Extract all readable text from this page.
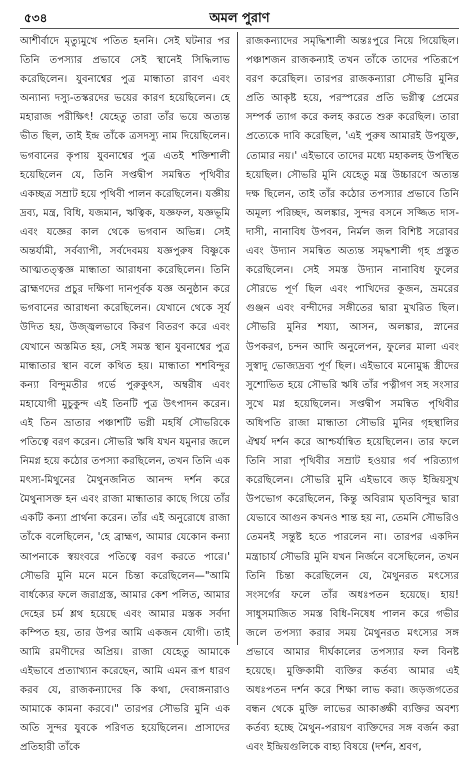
৫৩৪	অমল পুরাণ

আশীর্বাদে মৃত্যুমুখে পতিত হননি। সেই ঘটনার পর তিনি তপস্যার প্রভাবে সেই স্থানেই সিদ্ধিলাভ করেছিলেন। যুবনাশ্বের পুত্র মান্ধাতা রাবণ এবং অন্যান্য দস্যু-তস্করদের ভয়ের কারণ হয়েছিলেন। হে মহারাজ পরীক্ষিৎ! যেহেতু তারা তাঁর ভয়ে অত্যন্ত ভীত ছিল, তাই ইন্দ্র তাঁকে ত্রসদস্যু নাম দিয়েছিলেন। ভগবানের কৃপায় যুবনাশ্বের পুত্র এতই শক্তিশালী হয়েছিলেন যে, তিনি সপ্তদ্বীপ সমন্বিত পৃথিবীর একচ্ছত্র সম্রাট হয়ে পৃথিবী পালন করেছিলেন। যজ্ঞীয় দ্রব্য, মন্ত্র, বিধি, যজমান, ঋত্বিক, যজ্ঞফল, যজ্ঞভূমি এবং যজ্ঞের কাল থেকে ভগবান অভিন্ন। সেই অন্তর্যামী, সর্বব্যাপী, সর্বদেবময় যজ্ঞপুরুষ বিষ্ণুকে আত্মতত্ত্বজ্ঞ মান্ধাতা আরাধনা করেছিলেন। তিনি ব্রাহ্মণদের প্রচুর দক্ষিণা দানপূর্বক যজ্ঞ অনুষ্ঠান করে ভগবানের আরাধনা করেছিলেন। যেখানে থেকে সূর্য উদিত হয়, উজ্জ্বলভাবে কিরণ বিতরণ করে এবং যেখানে অস্তমিত হয়, সেই সমস্ত স্থান যুবনাশ্বের পুত্র মান্ধাতার স্থান বলে কথিত হয়। মান্ধাতা শশবিন্দুর কন্যা বিন্দুমতীর গর্ভে পুরুকুৎস, অম্বরীষ এবং মহাযোগী মুচুকুন্দ এই তিনটি পুত্র উৎপাদন করেন। এই তিন ভ্রাতার পঞ্চাশটি ভগ্নী মহর্ষি সৌভরিকে পতিত্বে বরণ করেন। সৌভরি ঋষি যখন যমুনার জলে নিমগ্ন হয়ে কঠোর তপস্যা করছিলেন, তখন তিনি এক মৎস্য-মিথুনের মৈথুনজনিত আনন্দ দর্শন করে মৈথুনাসক্ত হন এবং রাজা মান্ধাতার কাছে গিয়ে তাঁর একটি কন্যা প্রার্থনা করেন। তাঁর এই অনুরোধে রাজা তাঁকে বলেছিলেন, 'হে ব্রাহ্মণ, আমার যেকোন কন্যা আপনাকে স্বয়ংবরে পতিত্বে বরণ করতে পারে।' সৌভরি মুনি মনে মনে চিন্তা করেছিলেন—"আমি বার্ধক্যের ফলে জরাগ্রস্ত, আমার কেশ পলিত, আমার দেহের চর্ম শ্লথ হয়েছে এবং আমার মস্তক সর্বদা কম্পিত হয়, তার উপর আমি একজন যোগী। তাই আমি রমণীদের অপ্রিয়। রাজা যেহেতু আমাকে এইভাবে প্রত্যাখ্যান করেছেন, আমি এমন রূপ ধারণ করব যে, রাজকন্যাদের কি কথা, দেবাঙ্গনারাও আমাকে কামনা করবে।" তারপর সৌভরি মুনি এক অতি সুন্দর যুবকে পরিণত হয়েছিলেন। প্রাসাদের প্রতিহারী তাঁকে

রাজকন্যাদের সমৃদ্ধিশালী অন্তঃপুরে নিয়ে গিয়েছিল। পঞ্চাশজন রাজকন্যাই তখন তাঁকে তাদের পতিরূপে বরণ করেছিল। তারপর রাজকন্যারা সৌভরি মুনির প্রতি আকৃষ্ট হয়ে, পরস্পরের প্রতি ভগ্নীত্ব প্রেমের সম্পর্ক ত্যাগ করে কলহ করতে শুরু করেছিল। তারা প্রত্যেকে দাবি করেছিল, 'এই পুরুষ আমারই উপযুক্ত, তোমার নয়।' এইভাবে তাদের মধ্যে মহাকলহ উপস্থিত হয়েছিল। সৌভরি মুনি যেহেতু মন্ত্র উচ্চারণে অত্যন্ত দক্ষ ছিলেন, তাই তাঁর কঠোর তপস্যার প্রভাবে তিনি অমূল্য পরিচ্ছদ, অলঙ্কার, সুন্দর বসনে সজ্জিত দাস-দাসী, নানাবিধ উপবন, নির্মল জল বিশিষ্ট সরোবর এবং উদ্যান সমন্বিত অত্যন্ত সমৃদ্ধশালী গৃহ প্রস্তুত করেছিলেন। সেই সমস্ত উদ্যান নানাবিধ ফুলের সৌরভে পূর্ণ ছিল এবং পাখিদের কূজন, ভ্রমরের গুঞ্জন এবং বন্দীদের সঙ্গীতের দ্বারা মুখরিত ছিল। সৌভরি মুনির শয্যা, আসন, অলঙ্কার, স্নানের উপকরণ, চন্দন আদি অনুলেপন, ফুলের মালা এবং সুস্বাদু ভোজ্যদ্রব্য পূর্ণ ছিল। এইভাবে মনোমুগ্ধ স্ত্রীদের সুশোভিত হয়ে সৌভরি ঋষি তাঁর পত্নীগণ সহ সংসার সুখে মগ্ন হয়েছিলেন। সপ্তদ্বীপ সমন্বিত পৃথিবীর অধিপতি রাজা মান্ধাতা সৌভরি মুনির গৃহস্থালির ঐশ্বর্য দর্শন করে আশ্চর্যান্বিত হয়েছিলেন। তার ফলে তিনি সারা পৃথিবীর সম্রাট হওয়ার গর্ব পরিত্যাগ করেছিলেন। সৌভরি মুনি এইভাবে জড় ইন্দ্রিয়সুখ উপভোগ করেছিলেন, কিন্তু অবিরাম ঘৃতবিন্দুর দ্বারা যেভাবে আগুন কখনও শান্ত হয় না, তেমনি সৌভরিও তেমনই সন্তুষ্ট হতে পারলেন না। তারপর একদিন মন্ত্রাচার্য সৌভরি মুনি যখন নির্জনে বসেছিলেন, তখন তিনি চিন্তা করেছিলেন যে, মৈথুনরত মৎস্যের সংসর্গের ফলে তাঁর অধঃপতন হয়েছে। হায়! সাধুসমাজিত সমস্ত বিধি-নিষেধ পালন করে গভীর জলে তপস্যা করার সময় মৈথুনরত মৎস্যের সঙ্গ প্রভাবে আমার দীর্ঘকালের তপস্যার ফল বিনষ্ট হয়েছে। মুক্তিকামী ব্যক্তির কর্তব্য আমার এই অধঃপতন দর্শন করে শিক্ষা লাভ করা। জড়জগতের বন্ধন থেকে মুক্তি লাভের আকাঙ্ক্ষী ব্যক্তির অবশ্য কর্তব্য হচ্ছে মৈথুন-পরায়ণ ব্যক্তিদের সঙ্গ বর্জন করা এবং ইন্দ্রিয়গুলিকে বাহ্য বিষয়ে (দর্শন, শ্রবণ,
